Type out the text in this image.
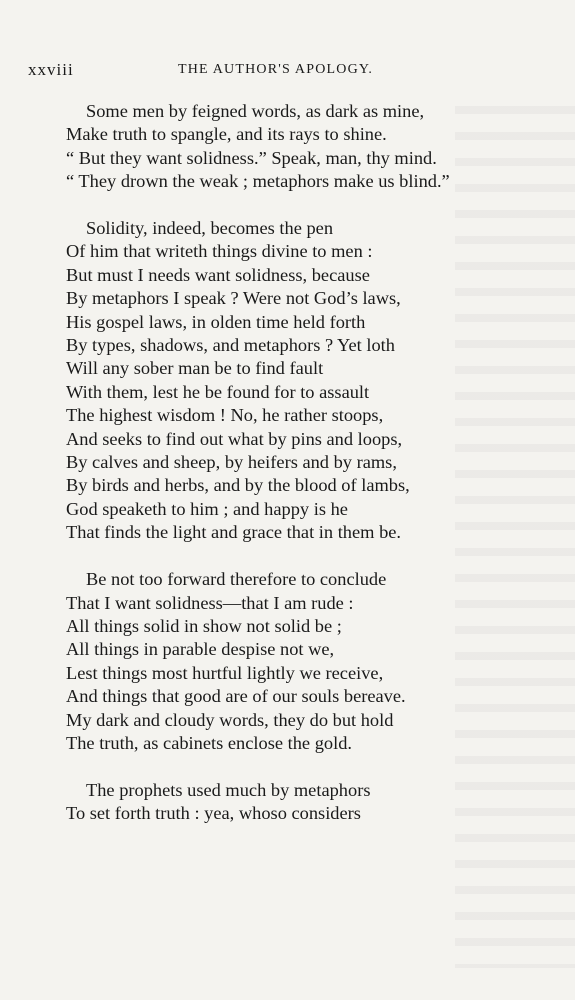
xxviii	THE AUTHOR'S APOLOGY.
Some men by feigned words, as dark as mine,
Make truth to spangle, and its rays to shine.
“ But they want solidness.” Speak, man, thy mind.
“ They drown the weak ; metaphors make us blind.”
Solidity, indeed, becomes the pen
Of him that writeth things divine to men :
But must I needs want solidness, because
By metaphors I speak ? Were not God’s laws,
His gospel laws, in olden time held forth
By types, shadows, and metaphors ? Yet loth
Will any sober man be to find fault
With them, lest he be found for to assault
The highest wisdom ! No, he rather stoops,
And seeks to find out what by pins and loops,
By calves and sheep, by heifers and by rams,
By birds and herbs, and by the blood of lambs,
God speaketh to him ; and happy is he
That finds the light and grace that in them be.
Be not too forward therefore to conclude
That I want solidness—that I am rude :
All things solid in show not solid be ;
All things in parable despise not we,
Lest things most hurtful lightly we receive,
And things that good are of our souls bereave.
My dark and cloudy words, they do but hold
The truth, as cabinets enclose the gold.
The prophets used much by metaphors
To set forth truth : yea, whoso considers
